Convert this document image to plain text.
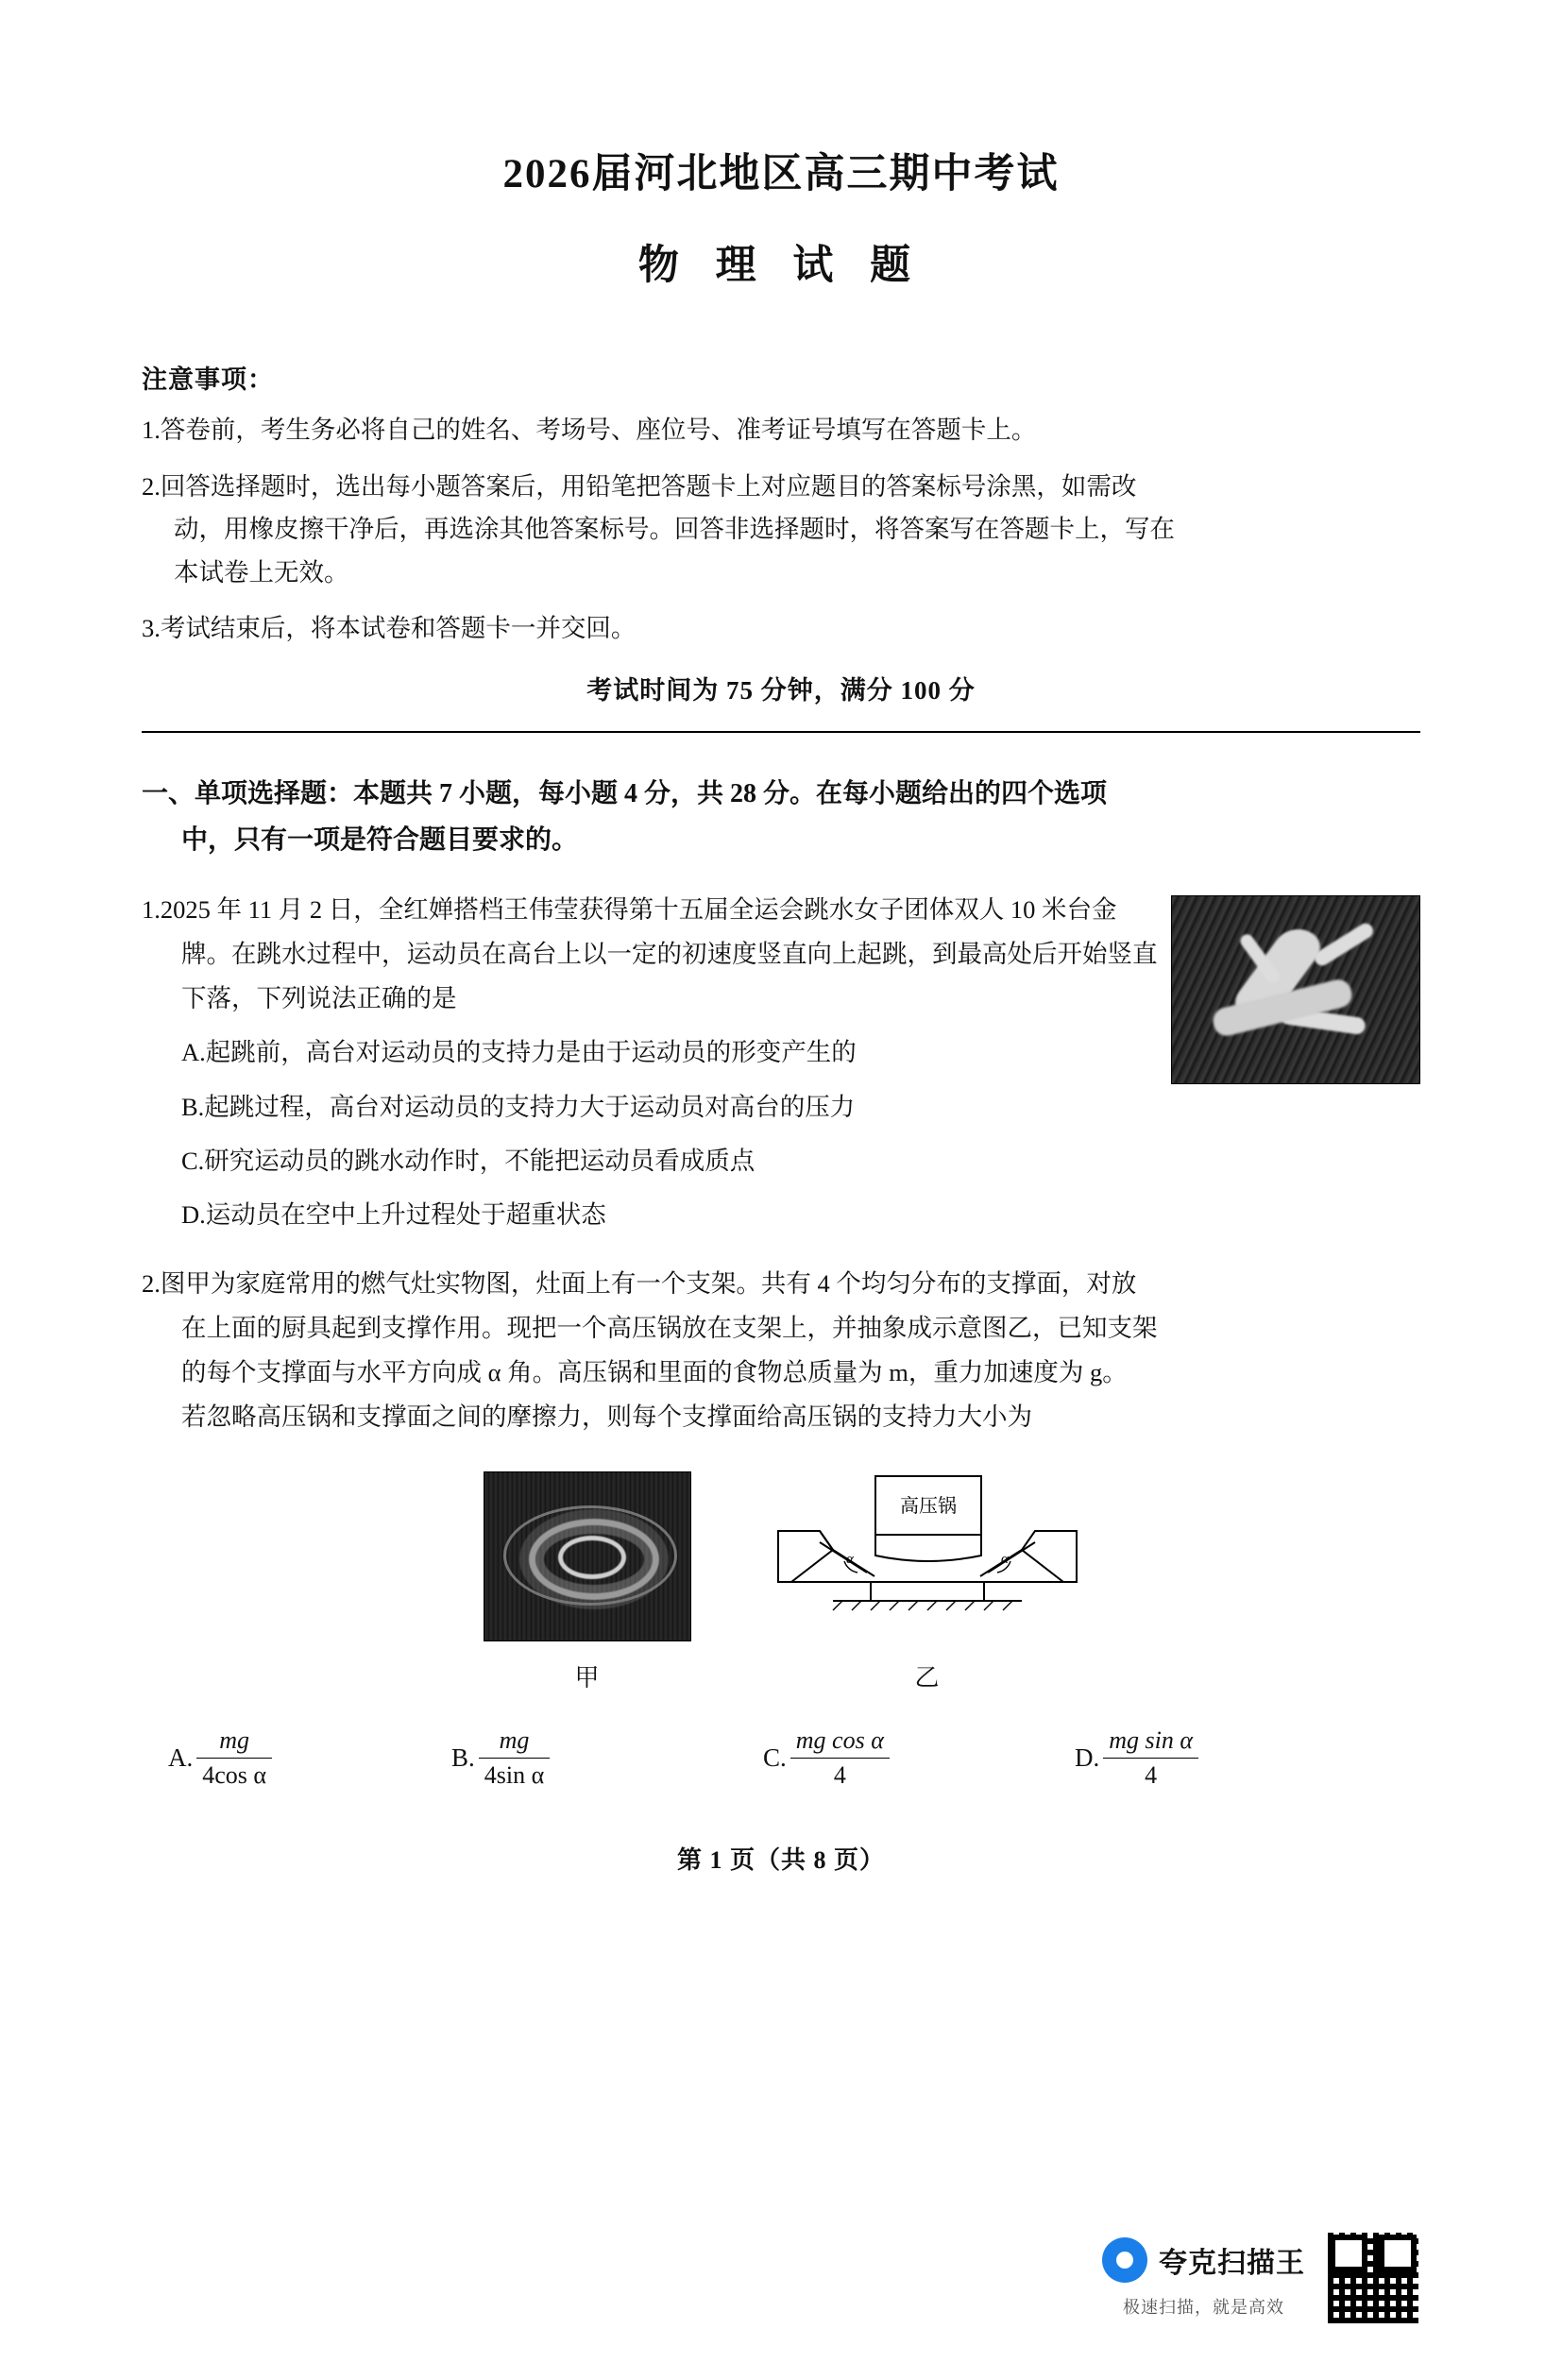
2026届河北地区高三期中考试
物 理 试 题
注意事项：
1.答卷前，考生务必将自己的姓名、考场号、座位号、准考证号填写在答题卡上。
2.回答选择题时，选出每小题答案后，用铅笔把答题卡上对应题目的答案标号涂黑，如需改
动，用橡皮擦干净后，再选涂其他答案标号。回答非选择题时，将答案写在答题卡上，写在
本试卷上无效。
3.考试结束后，将本试卷和答题卡一并交回。
考试时间为 75 分钟，满分 100 分
一、单项选择题：本题共 7 小题，每小题 4 分，共 28 分。在每小题给出的四个选项
中，只有一项是符合题目要求的。
1.2025 年 11 月 2 日，全红婵搭档王伟莹获得第十五届全运会跳水女子团体双人 10 米台金
牌。在跳水过程中，运动员在高台上以一定的初速度竖直向上起跳，到最高处后开始竖直
下落，下列说法正确的是
A.起跳前，高台对运动员的支持力是由于运动员的形变产生的
B.起跳过程，高台对运动员的支持力大于运动员对高台的压力
C.研究运动员的跳水动作时，不能把运动员看成质点
D.运动员在空中上升过程处于超重状态
2.图甲为家庭常用的燃气灶实物图，灶面上有一个支架。共有 4 个均匀分布的支撑面，对放
在上面的厨具起到支撑作用。现把一个高压锅放在支架上，并抽象成示意图乙，已知支架
的每个支撑面与水平方向成 α 角。高压锅和里面的食物总质量为 m，重力加速度为 g。
若忽略高压锅和支撑面之间的摩擦力，则每个支撑面给高压锅的支持力大小为
甲
α	α
高压锅
乙
A. $\frac{mg}{\text{4cos α}}$	B. $\frac{mg}{\text{4sin α}}$	C. $\frac{\text{mg cos α}}{4}$	D. $\frac{\text{mg sin α}}{4}$
第 1 页（共 8 页）
夸克扫描王
极速扫描，就是高效
